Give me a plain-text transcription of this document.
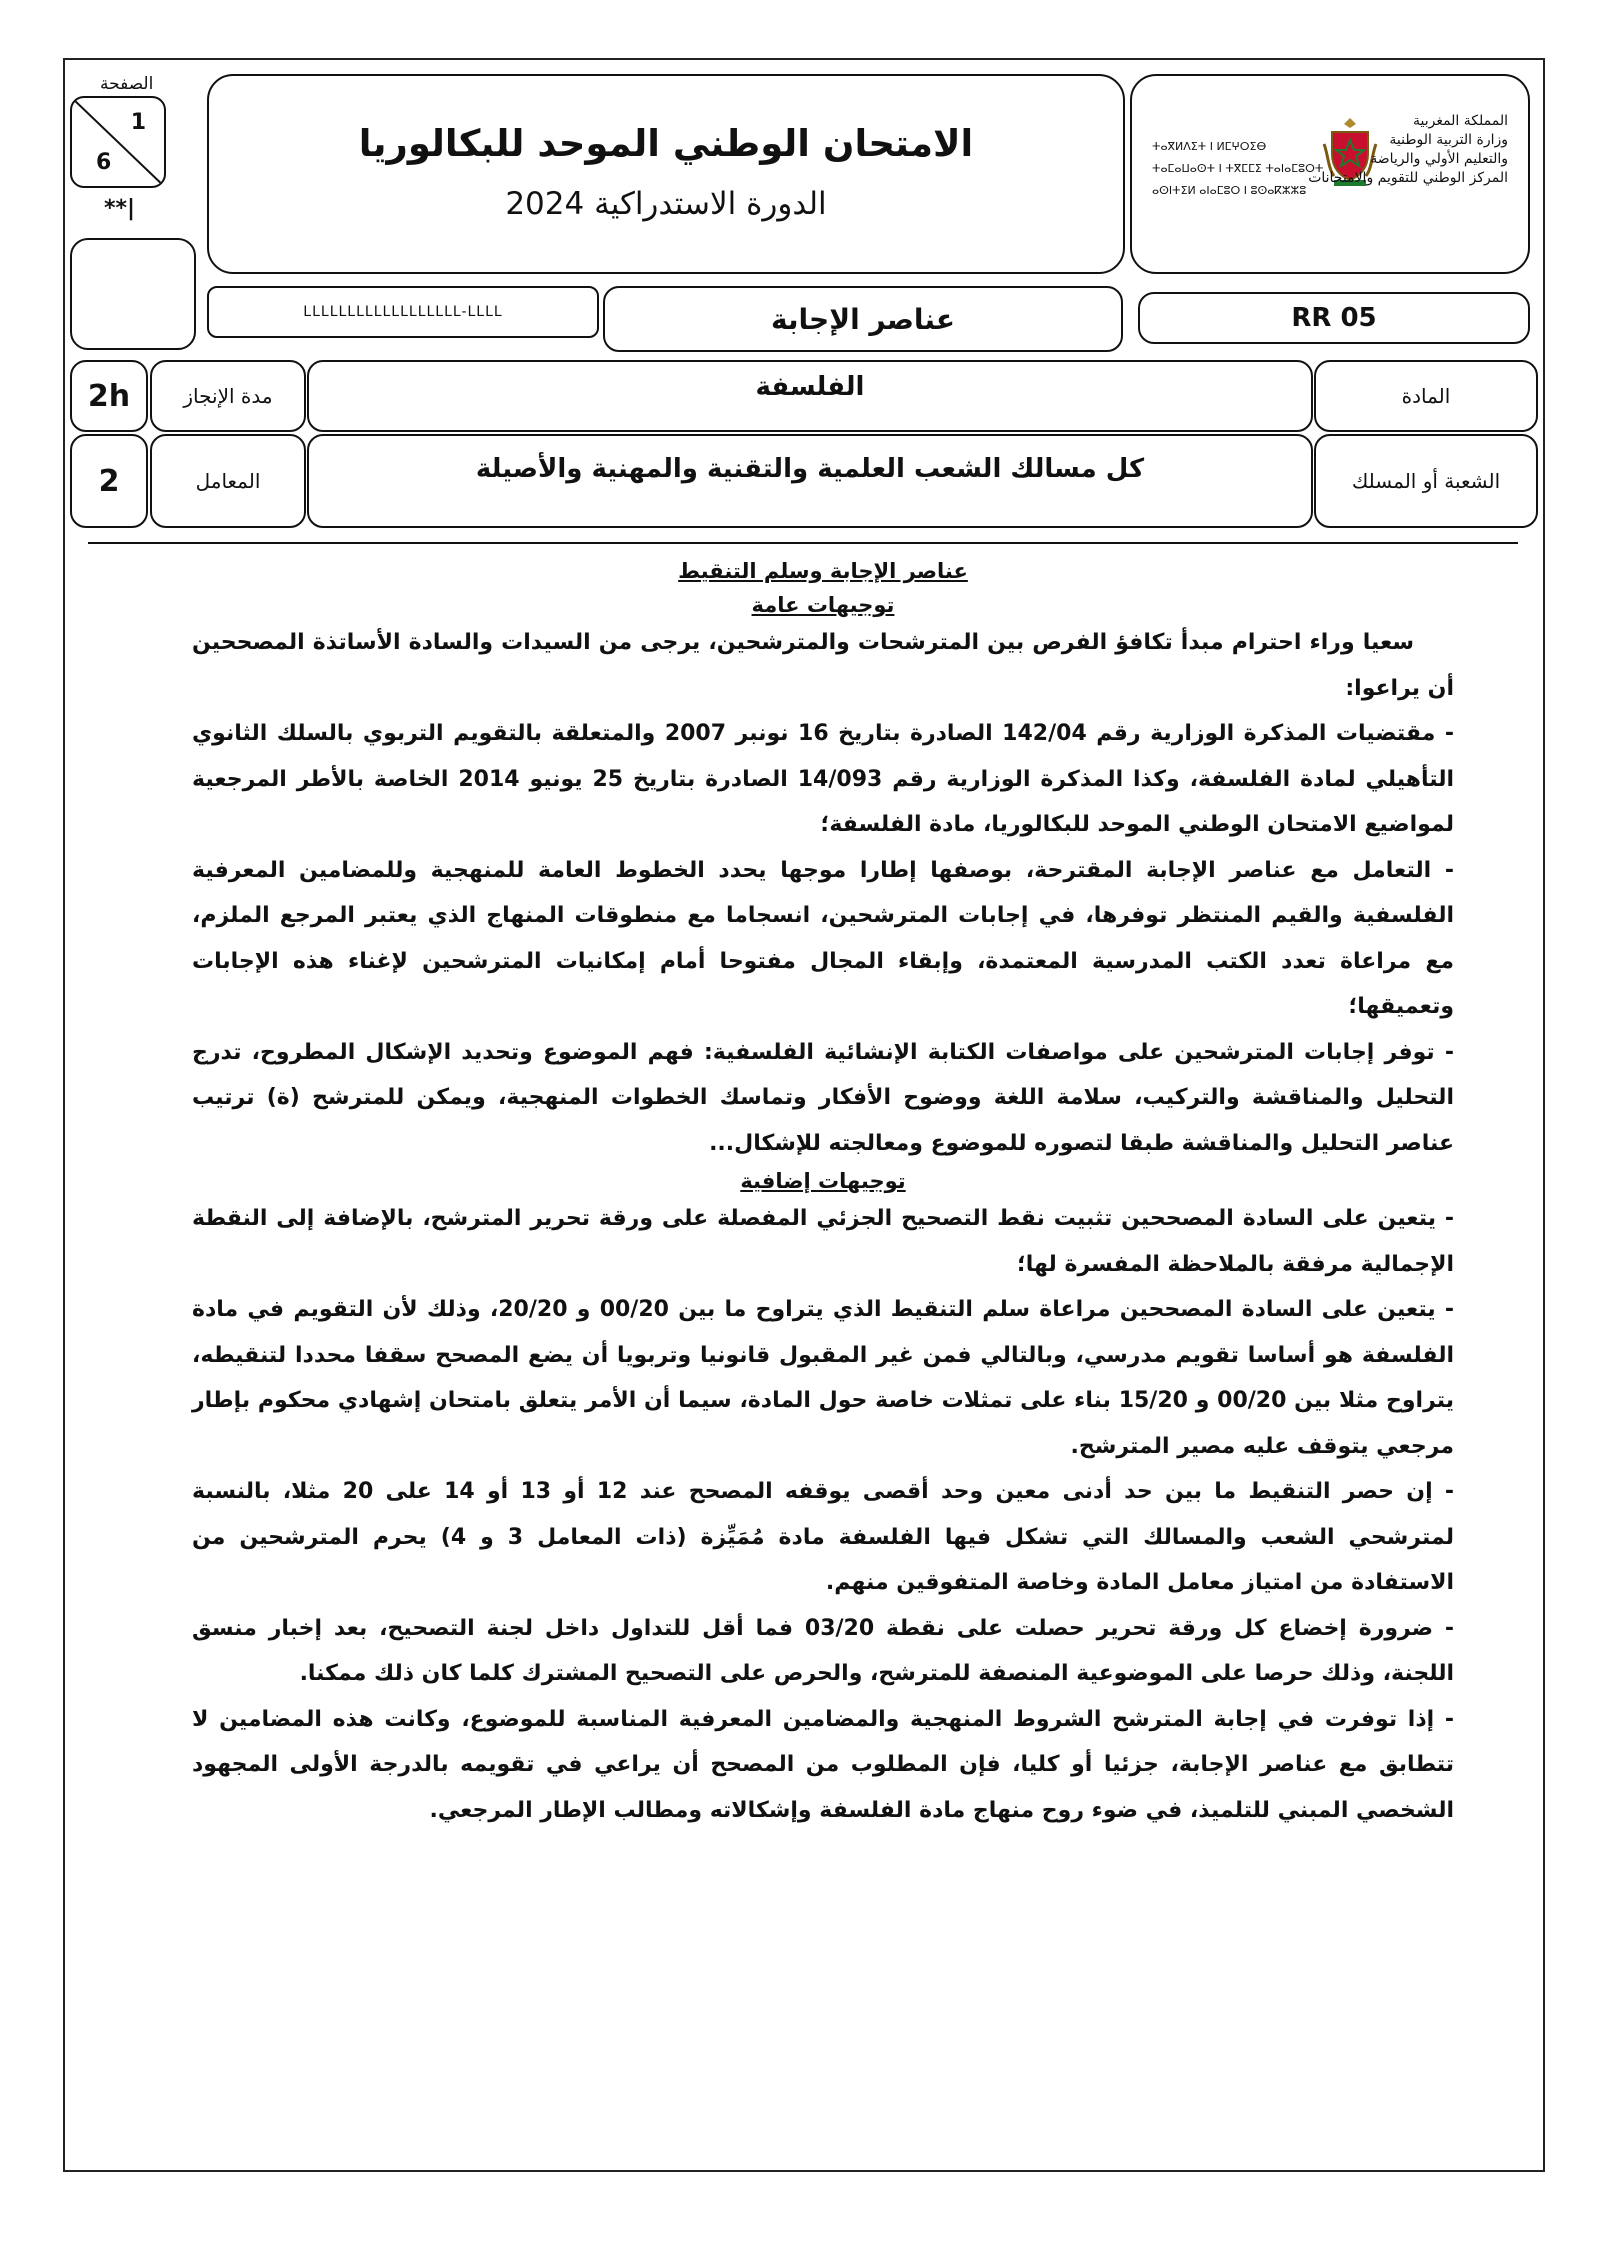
الصفحة
1
6
**|
الامتحان الوطني الموحد للبكالوريا
الدورة الاستدراكية 2024
ⵜⴰⴳⵍⴷⵉⵜ ⵏ ⵍⵎⵖⵔⵉⴱ
ⵜⴰⵎⴰⵡⴰⵙⵜ ⵏ ⵜⴳⵎⵎⵉ ⵜⴰⵏⴰⵎⵓⵔⵜ
ⴰⵙⵏⵜⵉⵍ ⴰⵏⴰⵎⵓⵔ ⵏ ⵓⵙⴰⴽⵣⵣⵓ
المملكة المغربية
وزارة التربية الوطنية
والتعليم الأولي والرياضة
المركز الوطني للتقويم والامتحانات
LLLLLLLLLLLLLLLLLL-LLLL	عناصر الإجابة	RR 05
2h	مدة الإنجاز	الفلسفة	المادة
2	المعامل	كل مسالك الشعب العلمية والتقنية والمهنية والأصيلة	الشعبة أو المسلك
عناصر الإجابة وسلم التنقيط
توجيهات عامة

سعيا وراء احترام مبدأ تكافؤ الفرص بين المترشحات والمترشحين، يرجى من السيدات والسادة الأساتذة المصححين أن يراعوا:

- مقتضيات المذكرة الوزارية رقم 142/04 الصادرة بتاريخ 16 نونبر 2007 والمتعلقة بالتقويم التربوي بالسلك الثانوي التأهيلي لمادة الفلسفة، وكذا المذكرة الوزارية رقم 14/093 الصادرة بتاريخ 25 يونيو 2014 الخاصة بالأطر المرجعية لمواضيع الامتحان الوطني الموحد للبكالوريا، مادة الفلسفة؛

- التعامل مع عناصر الإجابة المقترحة، بوصفها إطارا موجها يحدد الخطوط العامة للمنهجية وللمضامين المعرفية الفلسفية والقيم المنتظر توفرها، في إجابات المترشحين، انسجاما مع منطوقات المنهاج الذي يعتبر المرجع الملزم، مع مراعاة تعدد الكتب المدرسية المعتمدة، وإبقاء المجال مفتوحا أمام إمكانيات المترشحين لإغناء هذه الإجابات وتعميقها؛

- توفر إجابات المترشحين على مواصفات الكتابة الإنشائية الفلسفية: فهم الموضوع وتحديد الإشكال المطروح، تدرج التحليل والمناقشة والتركيب، سلامة اللغة ووضوح الأفكار وتماسك الخطوات المنهجية، ويمكن للمترشح (ة) ترتيب عناصر التحليل والمناقشة طبقا لتصوره للموضوع ومعالجته للإشكال...

توجيهات إضافية

- يتعين على السادة المصححين تثبيت نقط التصحيح الجزئي المفصلة على ورقة تحرير المترشح، بالإضافة إلى النقطة الإجمالية مرفقة بالملاحظة المفسرة لها؛

- يتعين على السادة المصححين مراعاة سلم التنقيط الذي يتراوح ما بين 00/20 و 20/20، وذلك لأن التقويم في مادة الفلسفة هو أساسا تقويم مدرسي، وبالتالي فمن غير المقبول قانونيا وتربويا أن يضع المصحح سقفا محددا لتنقيطه، يتراوح مثلا بين 00/20 و 15/20 بناء على تمثلات خاصة حول المادة، سيما أن الأمر يتعلق بامتحان إشهادي محكوم بإطار مرجعي يتوقف عليه مصير المترشح.

- إن حصر التنقيط ما بين حد أدنى معين وحد أقصى يوقفه المصحح عند 12 أو 13 أو 14 على 20 مثلا، بالنسبة لمترشحي الشعب والمسالك التي تشكل فيها الفلسفة مادة مُمَيِّزة (ذات المعامل 3 و 4) يحرم المترشحين من الاستفادة من امتياز معامل المادة وخاصة المتفوقين منهم.

- ضرورة إخضاع كل ورقة تحرير حصلت على نقطة 03/20 فما أقل للتداول داخل لجنة التصحيح، بعد إخبار منسق اللجنة، وذلك حرصا على الموضوعية المنصفة للمترشح، والحرص على التصحيح المشترك كلما كان ذلك ممكنا.

- إذا توفرت في إجابة المترشح الشروط المنهجية والمضامين المعرفية المناسبة للموضوع، وكانت هذه المضامين لا تتطابق مع عناصر الإجابة، جزئيا أو كليا، فإن المطلوب من المصحح أن يراعي في تقويمه بالدرجة الأولى المجهود الشخصي المبني للتلميذ، في ضوء روح منهاج مادة الفلسفة وإشكالاته ومطالب الإطار المرجعي.
